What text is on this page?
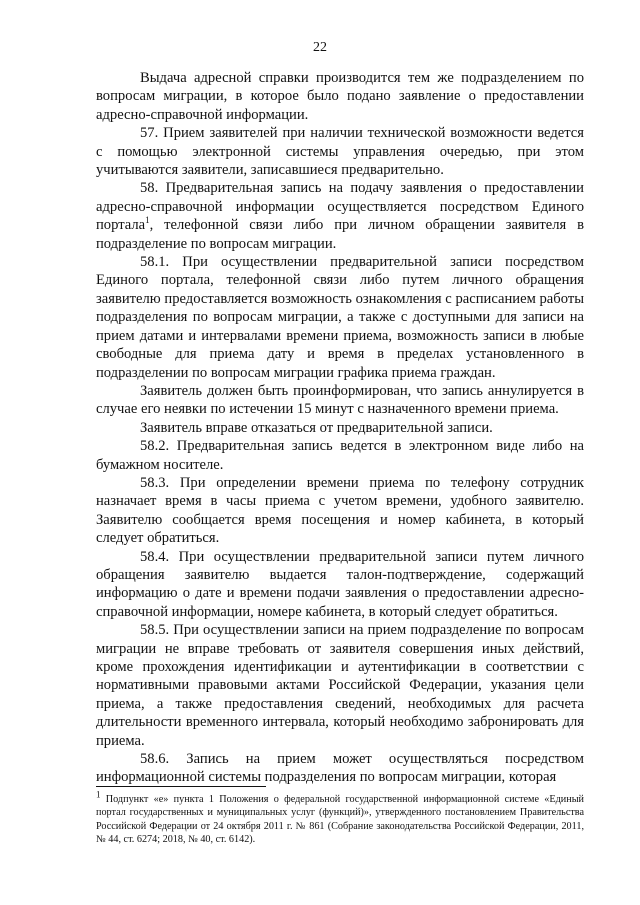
22

Выдача адресной справки производится тем же подразделением по вопросам миграции, в которое было подано заявление о предоставлении адресно-справочной информации.

57. Прием заявителей при наличии технической возможности ведется с помощью электронной системы управления очередью, при этом учитываются заявители, записавшиеся предварительно.

58. Предварительная запись на подачу заявления о предоставлении адресно-справочной информации осуществляется посредством Единого портала$^1$, телефонной связи либо при личном обращении заявителя в подразделение по вопросам миграции.

58.1. При осуществлении предварительной записи посредством Единого портала, телефонной связи либо путем личного обращения заявителю предоставляется возможность ознакомления с расписанием работы подразделения по вопросам миграции, а также с доступными для записи на прием датами и интервалами времени приема, возможность записи в любые свободные для приема дату и время в пределах установленного в подразделении по вопросам миграции графика приема граждан.

Заявитель должен быть проинформирован, что запись аннулируется в случае его неявки по истечении 15 минут с назначенного времени приема.

Заявитель вправе отказаться от предварительной записи.

58.2. Предварительная запись ведется в электронном виде либо на бумажном носителе.

58.3. При определении времени приема по телефону сотрудник назначает время в часы приема с учетом времени, удобного заявителю. Заявителю сообщается время посещения и номер кабинета, в который следует обратиться.

58.4. При осуществлении предварительной записи путем личного обращения заявителю выдается талон-подтверждение, содержащий информацию о дате и времени подачи заявления о предоставлении адресно-справочной информации, номере кабинета, в который следует обратиться.

58.5. При осуществлении записи на прием подразделение по вопросам миграции не вправе требовать от заявителя совершения иных действий, кроме прохождения идентификации и аутентификации в соответствии с нормативными правовыми актами Российской Федерации, указания цели приема, а также предоставления сведений, необходимых для расчета длительности временного интервала, который необходимо забронировать для приема.

58.6. Запись на прием может осуществляться посредством информационной системы подразделения по вопросам миграции, которая

$^1$ Подпункт «е» пункта 1 Положения о федеральной государственной информационной системе «Единый портал государственных и муниципальных услуг (функций)», утвержденного постановлением Правительства Российской Федерации от 24 октября 2011 г. № 861 (Собрание законодательства Российской Федерации, 2011, № 44, ст. 6274; 2018, № 40, ст. 6142).
